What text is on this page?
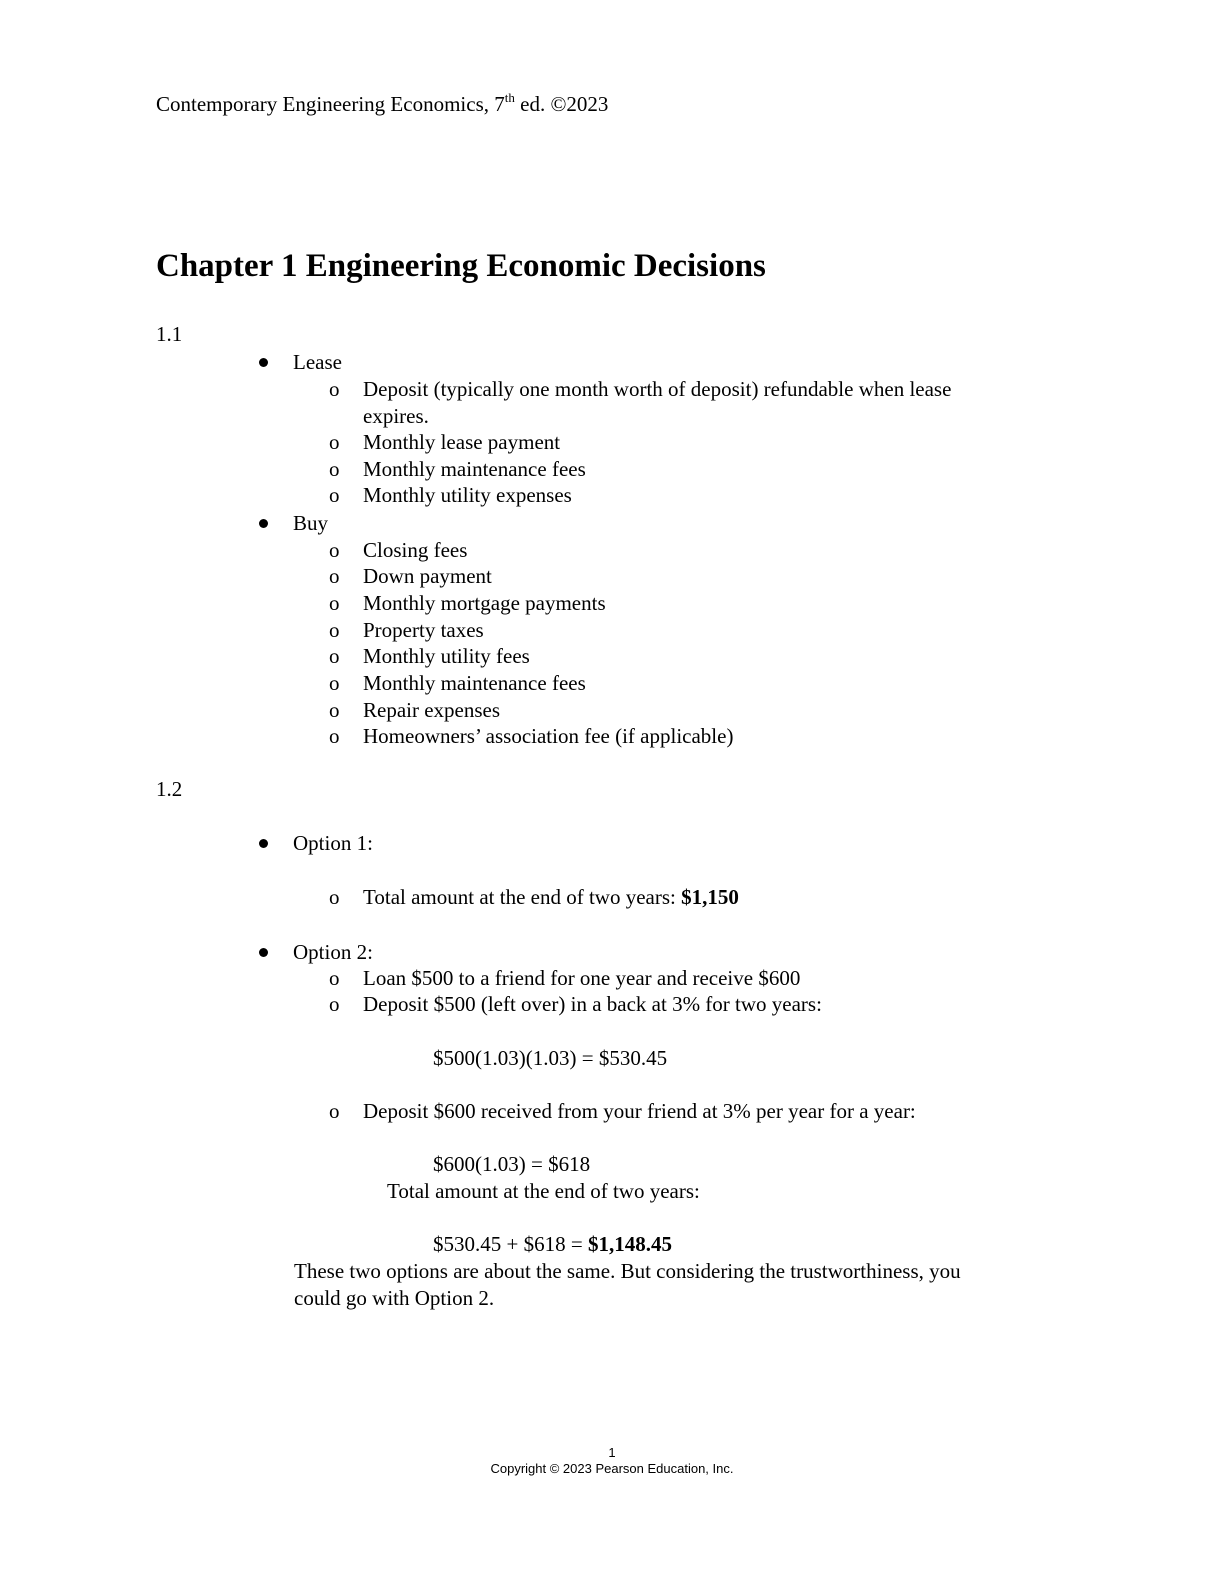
Contemporary Engineering Economics, 7th ed. ©2023
Chapter 1 Engineering Economic Decisions
1.1
Lease
o Deposit (typically one month worth of deposit) refundable when lease
expires.
o Monthly lease payment
o Monthly maintenance fees
o Monthly utility expenses
Buy
o Closing fees
o Down payment
o Monthly mortgage payments
o Property taxes
o Monthly utility fees
o Monthly maintenance fees
o Repair expenses
o Homeowners’ association fee (if applicable)
1.2
Option 1:
o Total amount at the end of two years: $1,150
Option 2:
o Loan $500 to a friend for one year and receive $600
o Deposit $500 (left over) in a back at 3% for two years:
$500(1.03)(1.03) = $530.45
o Deposit $600 received from your friend at 3% per year for a year:
$600(1.03) = $618
Total amount at the end of two years:
$530.45 + $618 = $1,148.45
These two options are about the same. But considering the trustworthiness, you
could go with Option 2.
1
Copyright © 2023 Pearson Education, Inc.
